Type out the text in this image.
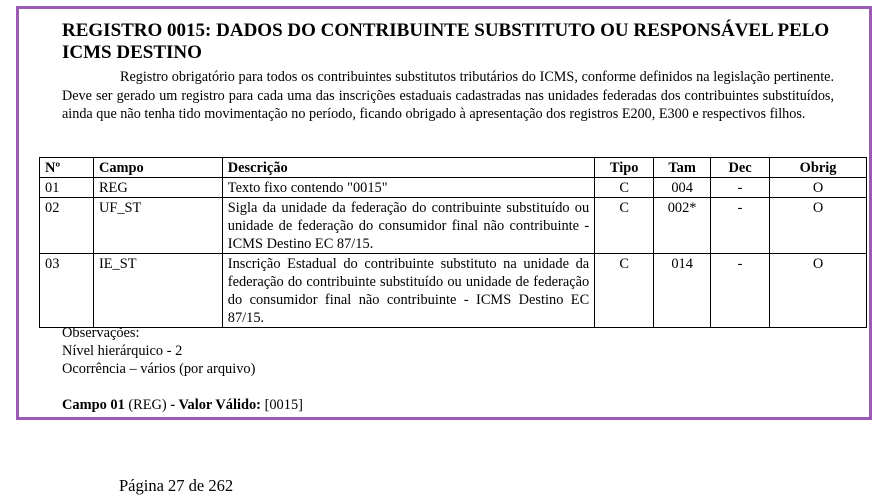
REGISTRO 0015: DADOS DO CONTRIBUINTE SUBSTITUTO OU RESPONSÁVEL PELO ICMS DESTINO

Registro obrigatório para todos os contribuintes substitutos tributários do ICMS, conforme definidos na legislação pertinente. Deve ser gerado um registro para cada uma das inscrições estaduais cadastradas nas unidades federadas dos contribuintes substituídos, ainda que não tenha tido movimentação no período, ficando obrigado à apresentação dos registros E200, E300 e respectivos filhos.

Nº	Campo	Descrição	Tipo	Tam	Dec	Obrig
01	REG	Texto fixo contendo "0015"	C	004	-	O
02	UF_ST	Sigla da unidade da federação do contribuinte substituído ou unidade de federação do consumidor final não contribuinte - ICMS Destino EC 87/15.	C	002*	-	O
03	IE_ST	Inscrição Estadual do contribuinte substituto na unidade da federação do contribuinte substituído ou unidade de federação do consumidor final não contribuinte - ICMS Destino EC 87/15.	C	014	-	O
Observações:
Nível hierárquico - 2
Ocorrência – vários (por arquivo)
Campo 01 (REG) - Valor Válido: [0015]
Página 27 de 262
